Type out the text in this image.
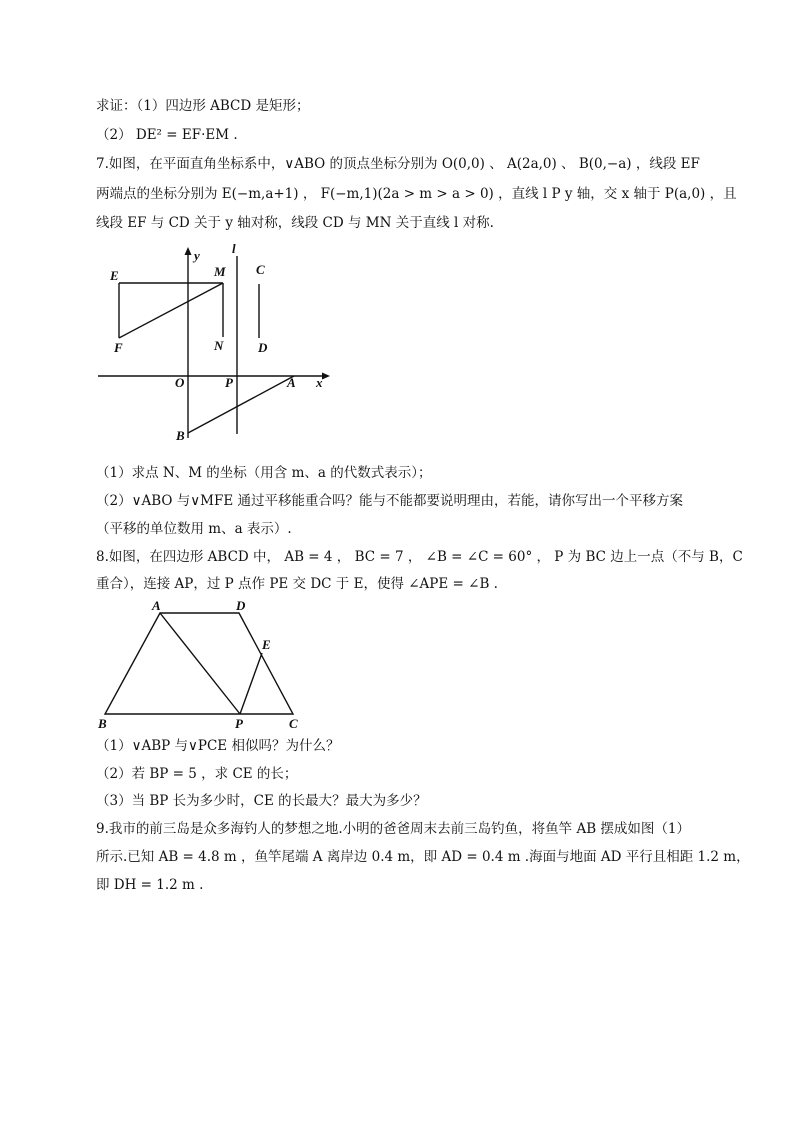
求证：（1）四边形 ABCD 是矩形；
（2） DE² = EF·EM .
7.如图，在平面直角坐标系中，∨ABO 的顶点坐标分别为 O(0,0) 、 A(2a,0) 、 B(0,−a) ，线段 EF
两端点的坐标分别为 E(−m,a+1) ， F(−m,1)(2a > m > a > 0) ，直线 l P y 轴，交 x 轴于 P(a,0) ，且
线段 EF 与 CD 关于 y 轴对称，线段 CD 与 MN 关于直线 l 对称.
y l
E	M C
F	N	D
O	P	A x
B
（1）求点 N、M 的坐标（用含 m、a 的代数式表示）；
（2）∨ABO 与∨MFE 通过平移能重合吗？能与不能都要说明理由，若能，请你写出一个平移方案
（平移的单位数用 m、a 表示）.
8.如图，在四边形 ABCD 中， AB = 4 ， BC = 7 ， ∠B = ∠C = 60° ， P 为 BC 边上一点（不与 B，C
重合），连接 AP，过 P 点作 PE 交 DC 于 E，使得 ∠APE = ∠B .
A	D
E
B	P	C
（1）∨ABP 与∨PCE 相似吗？为什么？
（2）若 BP = 5 ，求 CE 的长；
（3）当 BP 长为多少时，CE 的长最大？最大为多少？
9.我市的前三岛是众多海钓人的梦想之地.小明的爸爸周末去前三岛钓鱼，将鱼竿 AB 摆成如图（1）
所示.已知 AB = 4.8 m ，鱼竿尾端 A 离岸边 0.4 m，即 AD = 0.4 m .海面与地面 AD 平行且相距 1.2 m，
即 DH = 1.2 m .
